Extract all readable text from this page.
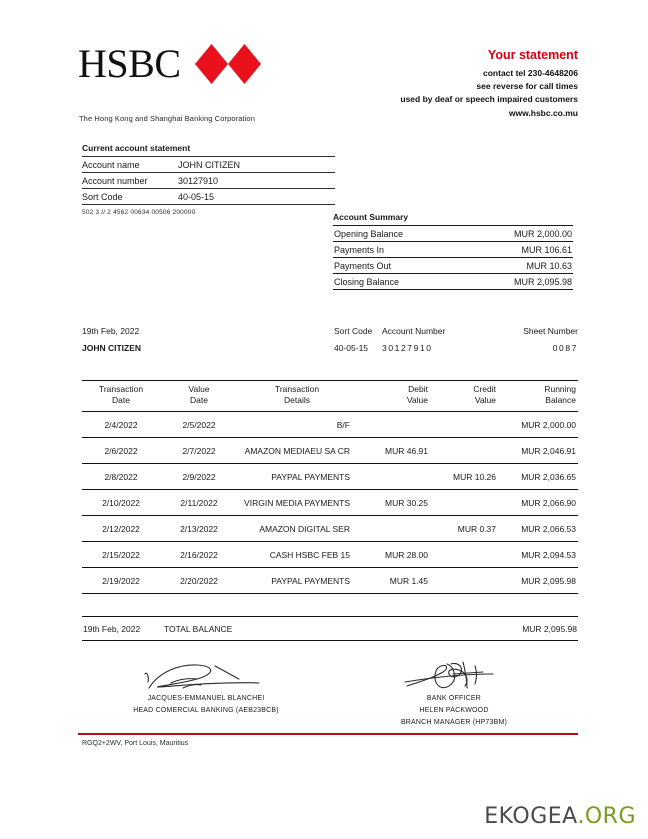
HSBC
The Hong Kong and Shanghai Banking Corporation
Your statement
contact tel 230-4648206
see reverse for call times
used by deaf or speech impaired customers
www.hsbc.co.mu
Current account statement
Account name	JOHN CITIZEN
Account number	30127910
Sort Code	40-05-15
502 3 // 2 4562 00634 00506 200000	Account Summary
Opening Balance	MUR 2,000.00
Payments In	MUR 106.61
Payments Out	MUR 10.63
Closing Balance	MUR 2,095.98
19th Feb, 2022
JOHN CITIZEN
Sort Code
40-05-15
Account Number
30127910
Sheet Number
0087
Transaction
Date

Value
Date

Transaction
Details

Debit
Value

Credit
Value

Running
Balance

2/4/2022	2/5/2022	B/F			MUR 2,000.00
2/6/2022	2/7/2022	AMAZON MEDIAEU SA CR	MUR 46.91		MUR 2,046.91
2/8/2022	2/9/2022	PAYPAL PAYMENTS		MUR 10.26	MUR 2,036.65
2/10/2022	2/11/2022	VIRGIN MEDIA PAYMENTS	MUR 30.25		MUR 2,066.90
2/12/2022	2/13/2022	AMAZON DIGITAL SER		MUR 0.37	MUR 2,066.53
2/15/2022	2/16/2022	CASH HSBC FEB 15	MUR 28.00		MUR 2,094.53
2/19/2022	2/20/2022	PAYPAL PAYMENTS	MUR 1.45		MUR 2,095.98
19th Feb, 2022	TOTAL BALANCE	MUR 2,095.98
JACQUES-EMMANUEL BLANCHEI
HEAD COMERCIAL BANKING (AEB23BCB)
BANK OFFICER
HELEN PACKWOOD
BRANCH MANAGER (HP73BM)
RGQ2+2WV, Port Louis, Mauritius
EKOGEA.ORG
